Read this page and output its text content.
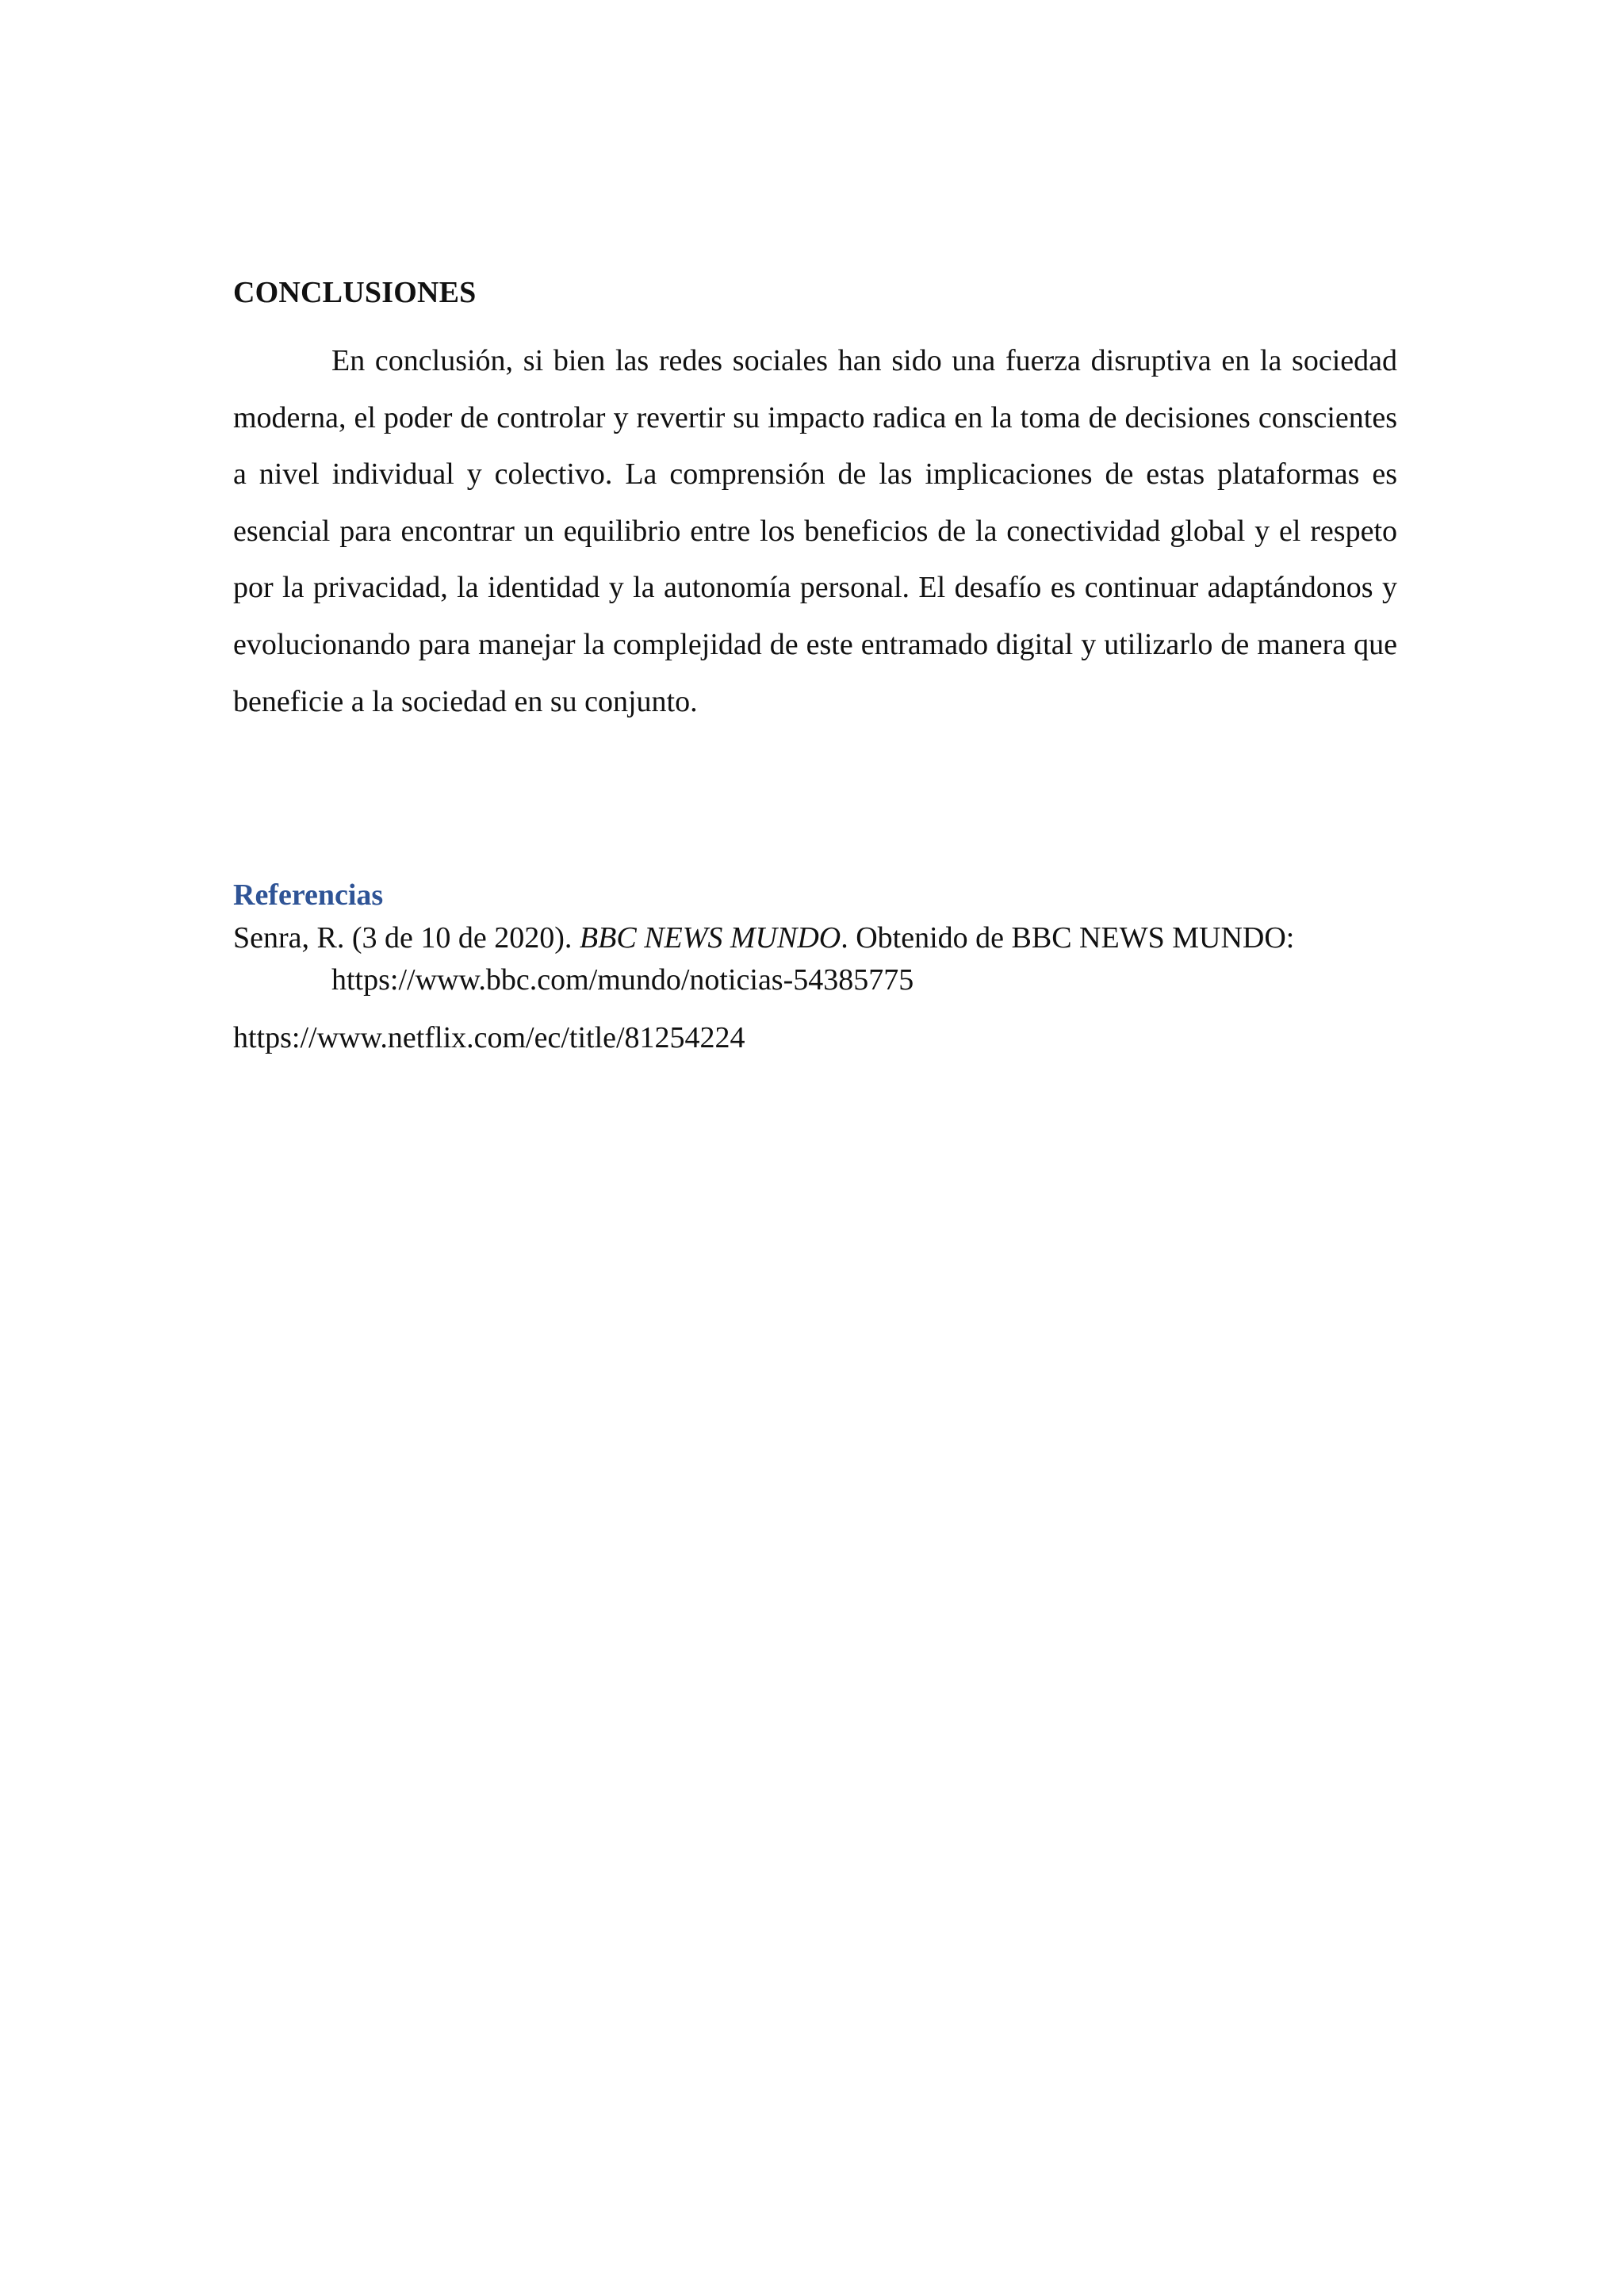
CONCLUSIONES

En conclusión, si bien las redes sociales han sido una fuerza disruptiva en la sociedad moderna, el poder de controlar y revertir su impacto radica en la toma de decisiones conscientes a nivel individual y colectivo. La comprensión de las implicaciones de estas plataformas es esencial para encontrar un equilibrio entre los beneficios de la conectividad global y el respeto por la privacidad, la identidad y la autonomía personal. El desafío es continuar adaptándonos y evolucionando para manejar la complejidad de este entramado digital y utilizarlo de manera que beneficie a la sociedad en su conjunto.

Referencias

Senra, R. (3 de 10 de 2020). BBC NEWS MUNDO. Obtenido de BBC NEWS MUNDO:
https://www.bbc.com/mundo/noticias-54385775

https://www.netflix.com/ec/title/81254224
